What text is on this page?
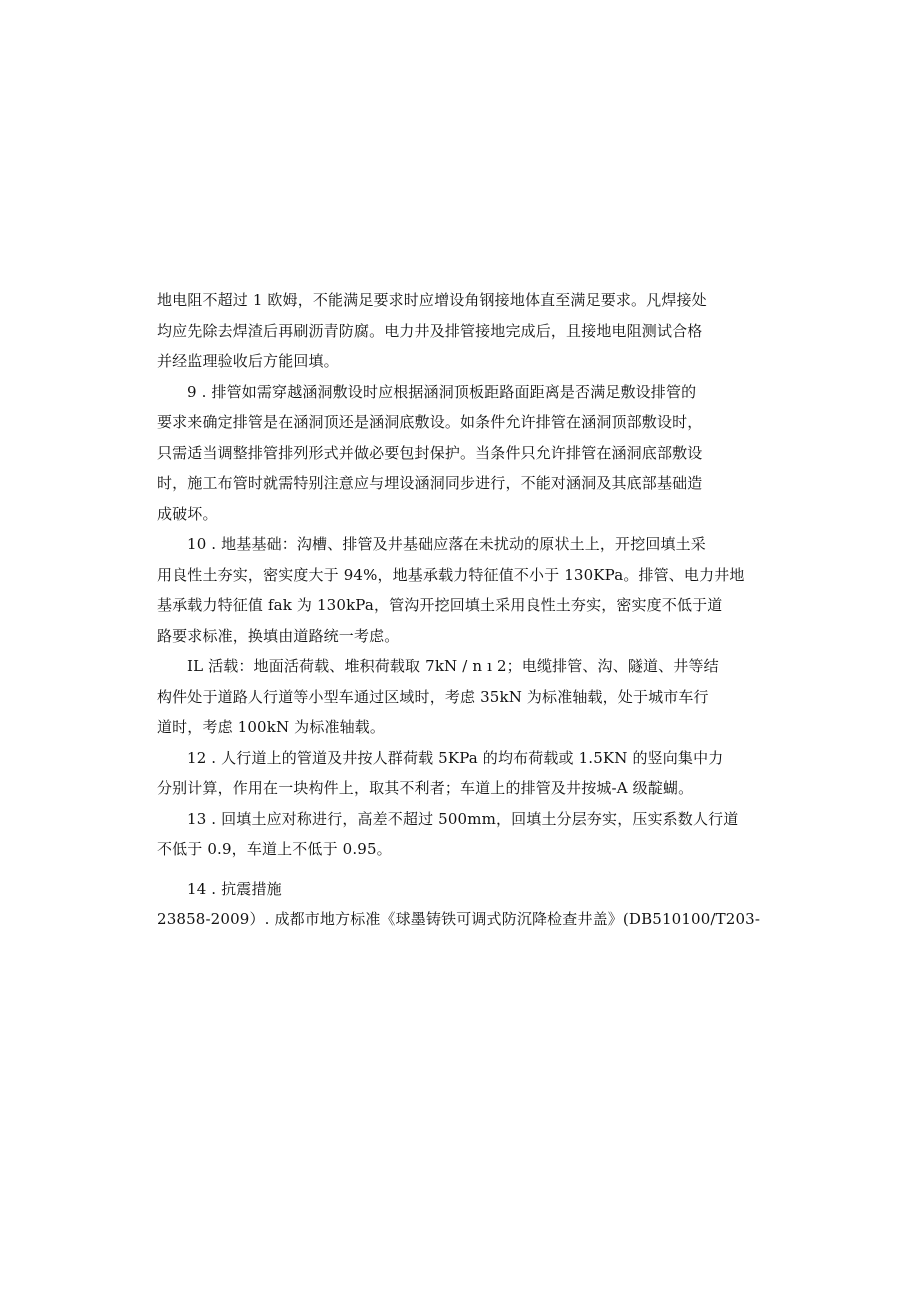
地电阻不超过 1 欧姆，不能满足要求时应增设角钢接地体直至满足要求。凡焊接处
均应先除去焊渣后再刷沥青防腐。电力井及排管接地完成后，且接地电阻测试合格
并经监理验收后方能回填。
9 . 排管如需穿越涵洞敷设时应根据涵洞顶板距路面距离是否满足敷设排管的
要求来确定排管是在涵洞顶还是涵洞底敷设。如条件允许排管在涵洞顶部敷设时，
只需适当调整排管排列形式并做必要包封保护。当条件只允许排管在涵洞底部敷设
时，施工布管时就需特别注意应与埋设涵洞同步进行，不能对涵洞及其底部基础造
成破坏。
10 . 地基基础：沟槽、排管及井基础应落在未扰动的原状土上，开挖回填土采
用良性土夯实，密实度大于 94%，地基承载力特征值不小于 130KPa。排管、电力井地
基承载力特征值 fak 为 130kPa，管沟开挖回填土采用良性土夯实，密实度不低于道
路要求标准，换填由道路统一考虑。
IL 活载：地面活荷载、堆积荷载取 7kN / n ı 2；电缆排管、沟、隧道、井等结
构件处于道路人行道等小型车通过区域时，考虑 35kN 为标准轴载，处于城市车行
道时，考虑 100kN 为标准轴载。
12 . 人行道上的管道及井按人群荷载 5KPa 的均布荷载或 1.5KN 的竖向集中力
分别计算，作用在一块构件上，取其不利者；车道上的排管及井按城-A 级靛蝴。
13 . 回填土应对称进行，高差不超过 500mm，回填土分层夯实，压实系数人行道
不低于 0.9，车道上不低于 0.95。
14 . 抗震措施
23858-2009）. 成都市地方标准《球墨铸铁可调式防沉降检查井盖》(DB510100/T203-
